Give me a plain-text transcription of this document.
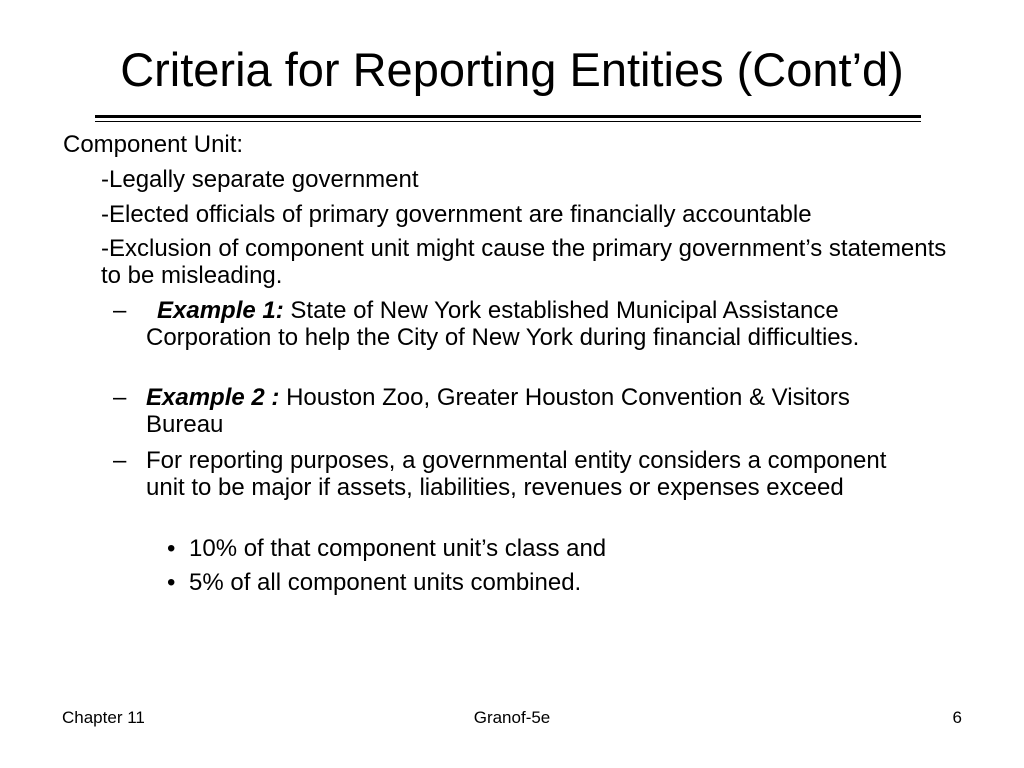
Criteria for Reporting Entities (Cont’d)
Component Unit:
-Legally separate government
-Elected officials of primary government are financially accountable
-Exclusion of component unit might cause the primary government’s statements to be misleading.
–	Example 1: State of New York established Municipal Assistance Corporation to help the City of New York during financial difficulties.
– Example 2 : Houston Zoo, Greater Houston Convention & Visitors Bureau
– For reporting purposes, a governmental entity considers a component unit to be major if assets, liabilities, revenues or expenses exceed
• 10% of that component unit’s class and
• 5% of all component units combined.
Chapter 11	Granof-5e	6
